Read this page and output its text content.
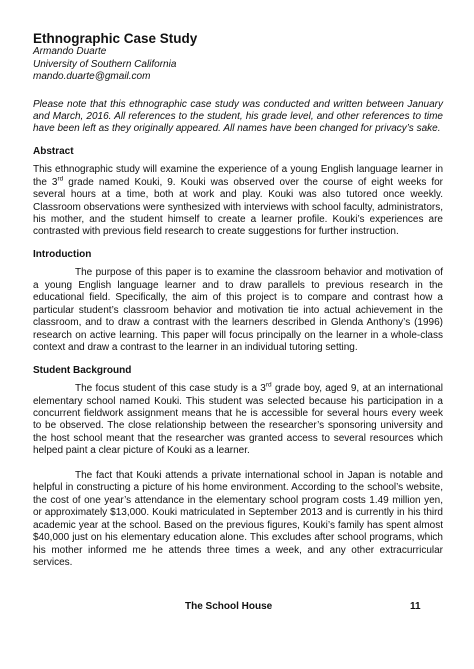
Ethnographic Case Study

Armando Duarte

University of Southern California

mando.duarte@gmail.com

Please note that this ethnographic case study was conducted and written between January and March, 2016. All references to the student, his grade level, and other references to time have been left as they originally appeared. All names have been changed for privacy’s sake.

Abstract

This ethnographic study will examine the experience of a young English language learner in the 3rd grade named Kouki, 9. Kouki was observed over the course of eight weeks for several hours at a time, both at work and play. Kouki was also tutored once weekly. Classroom observations were synthesized with interviews with school faculty, administrators, his mother, and the student himself to create a learner profile. Kouki’s experiences are contrasted with previous field research to create suggestions for further instruction.

Introduction

The purpose of this paper is to examine the classroom behavior and motivation of a young English language learner and to draw parallels to previous research in the educational field. Specifically, the aim of this project is to compare and contrast how a particular student’s classroom behavior and motivation tie into actual achievement in the classroom, and to draw a contrast with the learners described in Glenda Anthony’s (1996) research on active learning. This paper will focus principally on the learner in a whole-class context and draw a contrast to the learner in an individual tutoring setting.

Student Background

The focus student of this case study is a 3rd grade boy, aged 9, at an international elementary school named Kouki. This student was selected because his participation in a concurrent fieldwork assignment means that he is accessible for several hours every week to be observed. The close relationship between the researcher’s sponsoring university and the host school meant that the researcher was granted access to several resources which helped paint a clear picture of Kouki as a learner.

The fact that Kouki attends a private international school in Japan is notable and helpful in constructing a picture of his home environment. According to the school’s website, the cost of one year’s attendance in the elementary school program costs 1.49 million yen, or approximately $13,000. Kouki matriculated in September 2013 and is currently in his third academic year at the school. Based on the previous figures, Kouki’s family has spent almost $40,000 just on his elementary education alone. This excludes after school programs, which his mother informed me he attends three times a week, and any other extracurricular services.

The School House	11
